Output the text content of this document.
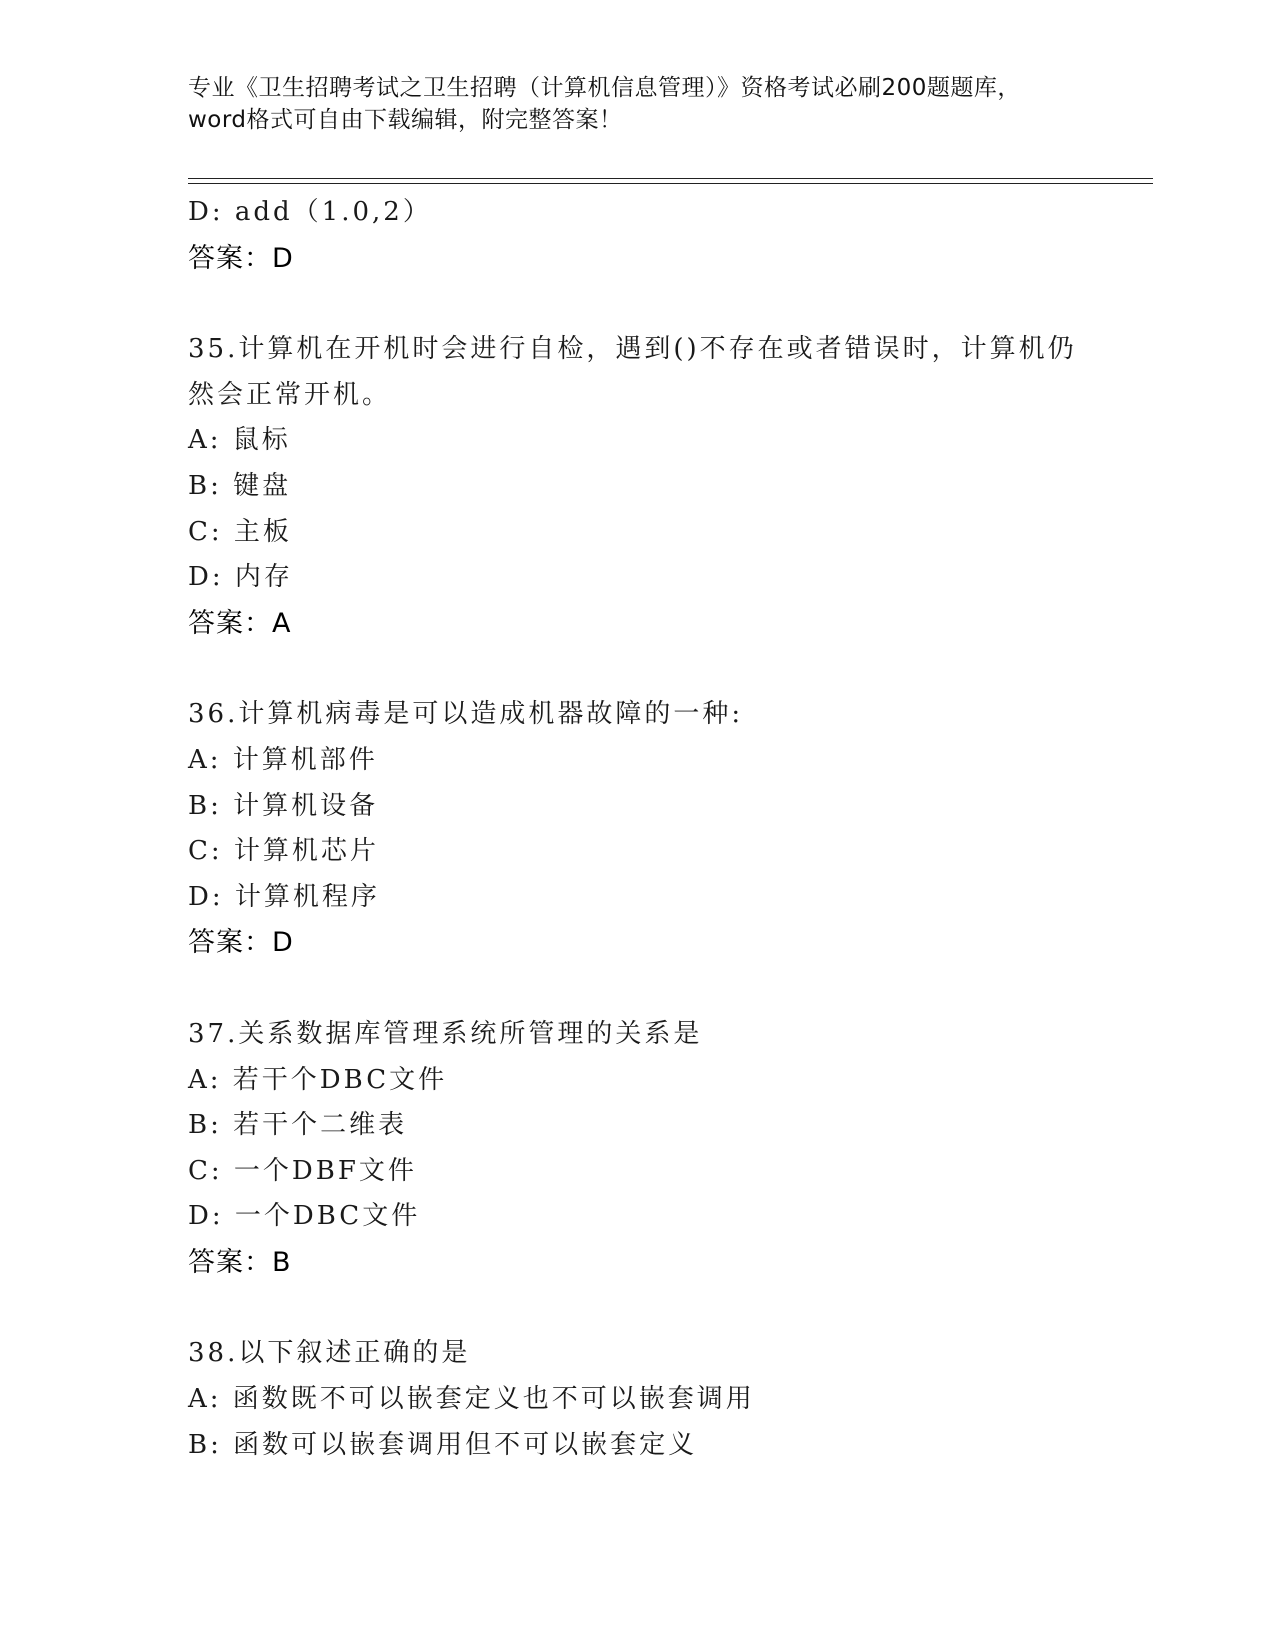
专业《卫生招聘考试之卫生招聘（计算机信息管理）》资格考试必刷200题题库，
word格式可自由下载编辑，附完整答案！
D: add（1.0,2）
答案：D
35.计算机在开机时会进行自检，遇到()不存在或者错误时，计算机仍
然会正常开机。
A: 鼠标
B: 键盘
C: 主板
D: 内存
答案：A
36.计算机病毒是可以造成机器故障的一种:
A: 计算机部件
B: 计算机设备
C: 计算机芯片
D: 计算机程序
答案：D
37.关系数据库管理系统所管理的关系是
A: 若干个DBC文件
B: 若干个二维表
C: 一个DBF文件
D: 一个DBC文件
答案：B
38.以下叙述正确的是
A: 函数既不可以嵌套定义也不可以嵌套调用
B: 函数可以嵌套调用但不可以嵌套定义
